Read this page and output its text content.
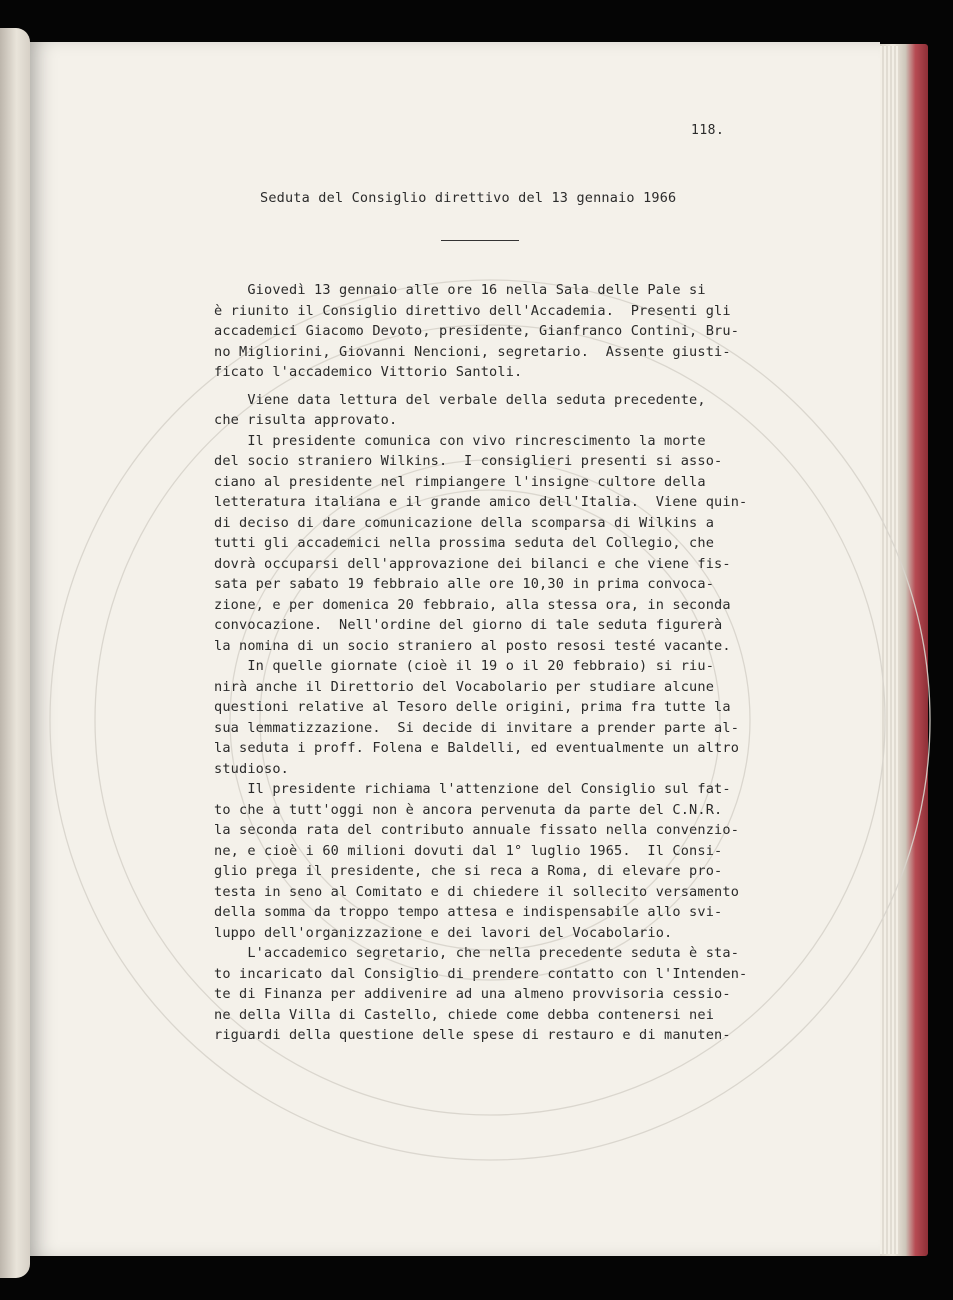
118.
Seduta del Consiglio direttivo del 13 gennaio 1966
Giovedì 13 gennaio alle ore 16 nella Sala delle Pale si
è riunito il Consiglio direttivo dell'Accademia.  Presenti gli
accademici Giacomo Devoto, presidente, Gianfranco Contini, Bru-
no Migliorini, Giovanni Nencioni, segretario.  Assente giusti-
ficato l'accademico Vittorio Santoli.
Viene data lettura del verbale della seduta precedente,
che risulta approvato.
Il presidente comunica con vivo rincrescimento la morte
del socio straniero Wilkins.  I consiglieri presenti si asso-
ciano al presidente nel rimpiangere l'insigne cultore della
letteratura italiana e il grande amico dell'Italia.  Viene quin-
di deciso di dare comunicazione della scomparsa di Wilkins a
tutti gli accademici nella prossima seduta del Collegio, che
dovrà occuparsi dell'approvazione dei bilanci e che viene fis-
sata per sabato 19 febbraio alle ore 10,30 in prima convoca-
zione, e per domenica 20 febbraio, alla stessa ora, in seconda
convocazione.  Nell'ordine del giorno di tale seduta figurerà
la nomina di un socio straniero al posto resosi testé vacante.
In quelle giornate (cioè il 19 o il 20 febbraio) si riu-
nirà anche il Direttorio del Vocabolario per studiare alcune
questioni relative al Tesoro delle origini, prima fra tutte la
sua lemmatizzazione.  Si decide di invitare a prender parte al-
la seduta i proff. Folena e Baldelli, ed eventualmente un altro
studioso.
Il presidente richiama l'attenzione del Consiglio sul fat-
to che a tutt'oggi non è ancora pervenuta da parte del C.N.R.
la seconda rata del contributo annuale fissato nella convenzio-
ne, e cioè i 60 milioni dovuti dal 1° luglio 1965.  Il Consi-
glio prega il presidente, che si reca a Roma, di elevare pro-
testa in seno al Comitato e di chiedere il sollecito versamento
della somma da troppo tempo attesa e indispensabile allo svi-
luppo dell'organizzazione e dei lavori del Vocabolario.
L'accademico segretario, che nella precedente seduta è sta-
to incaricato dal Consiglio di prendere contatto con l'Intenden-
te di Finanza per addivenire ad una almeno provvisoria cessio-
ne della Villa di Castello, chiede come debba contenersi nei
riguardi della questione delle spese di restauro e di manuten-
